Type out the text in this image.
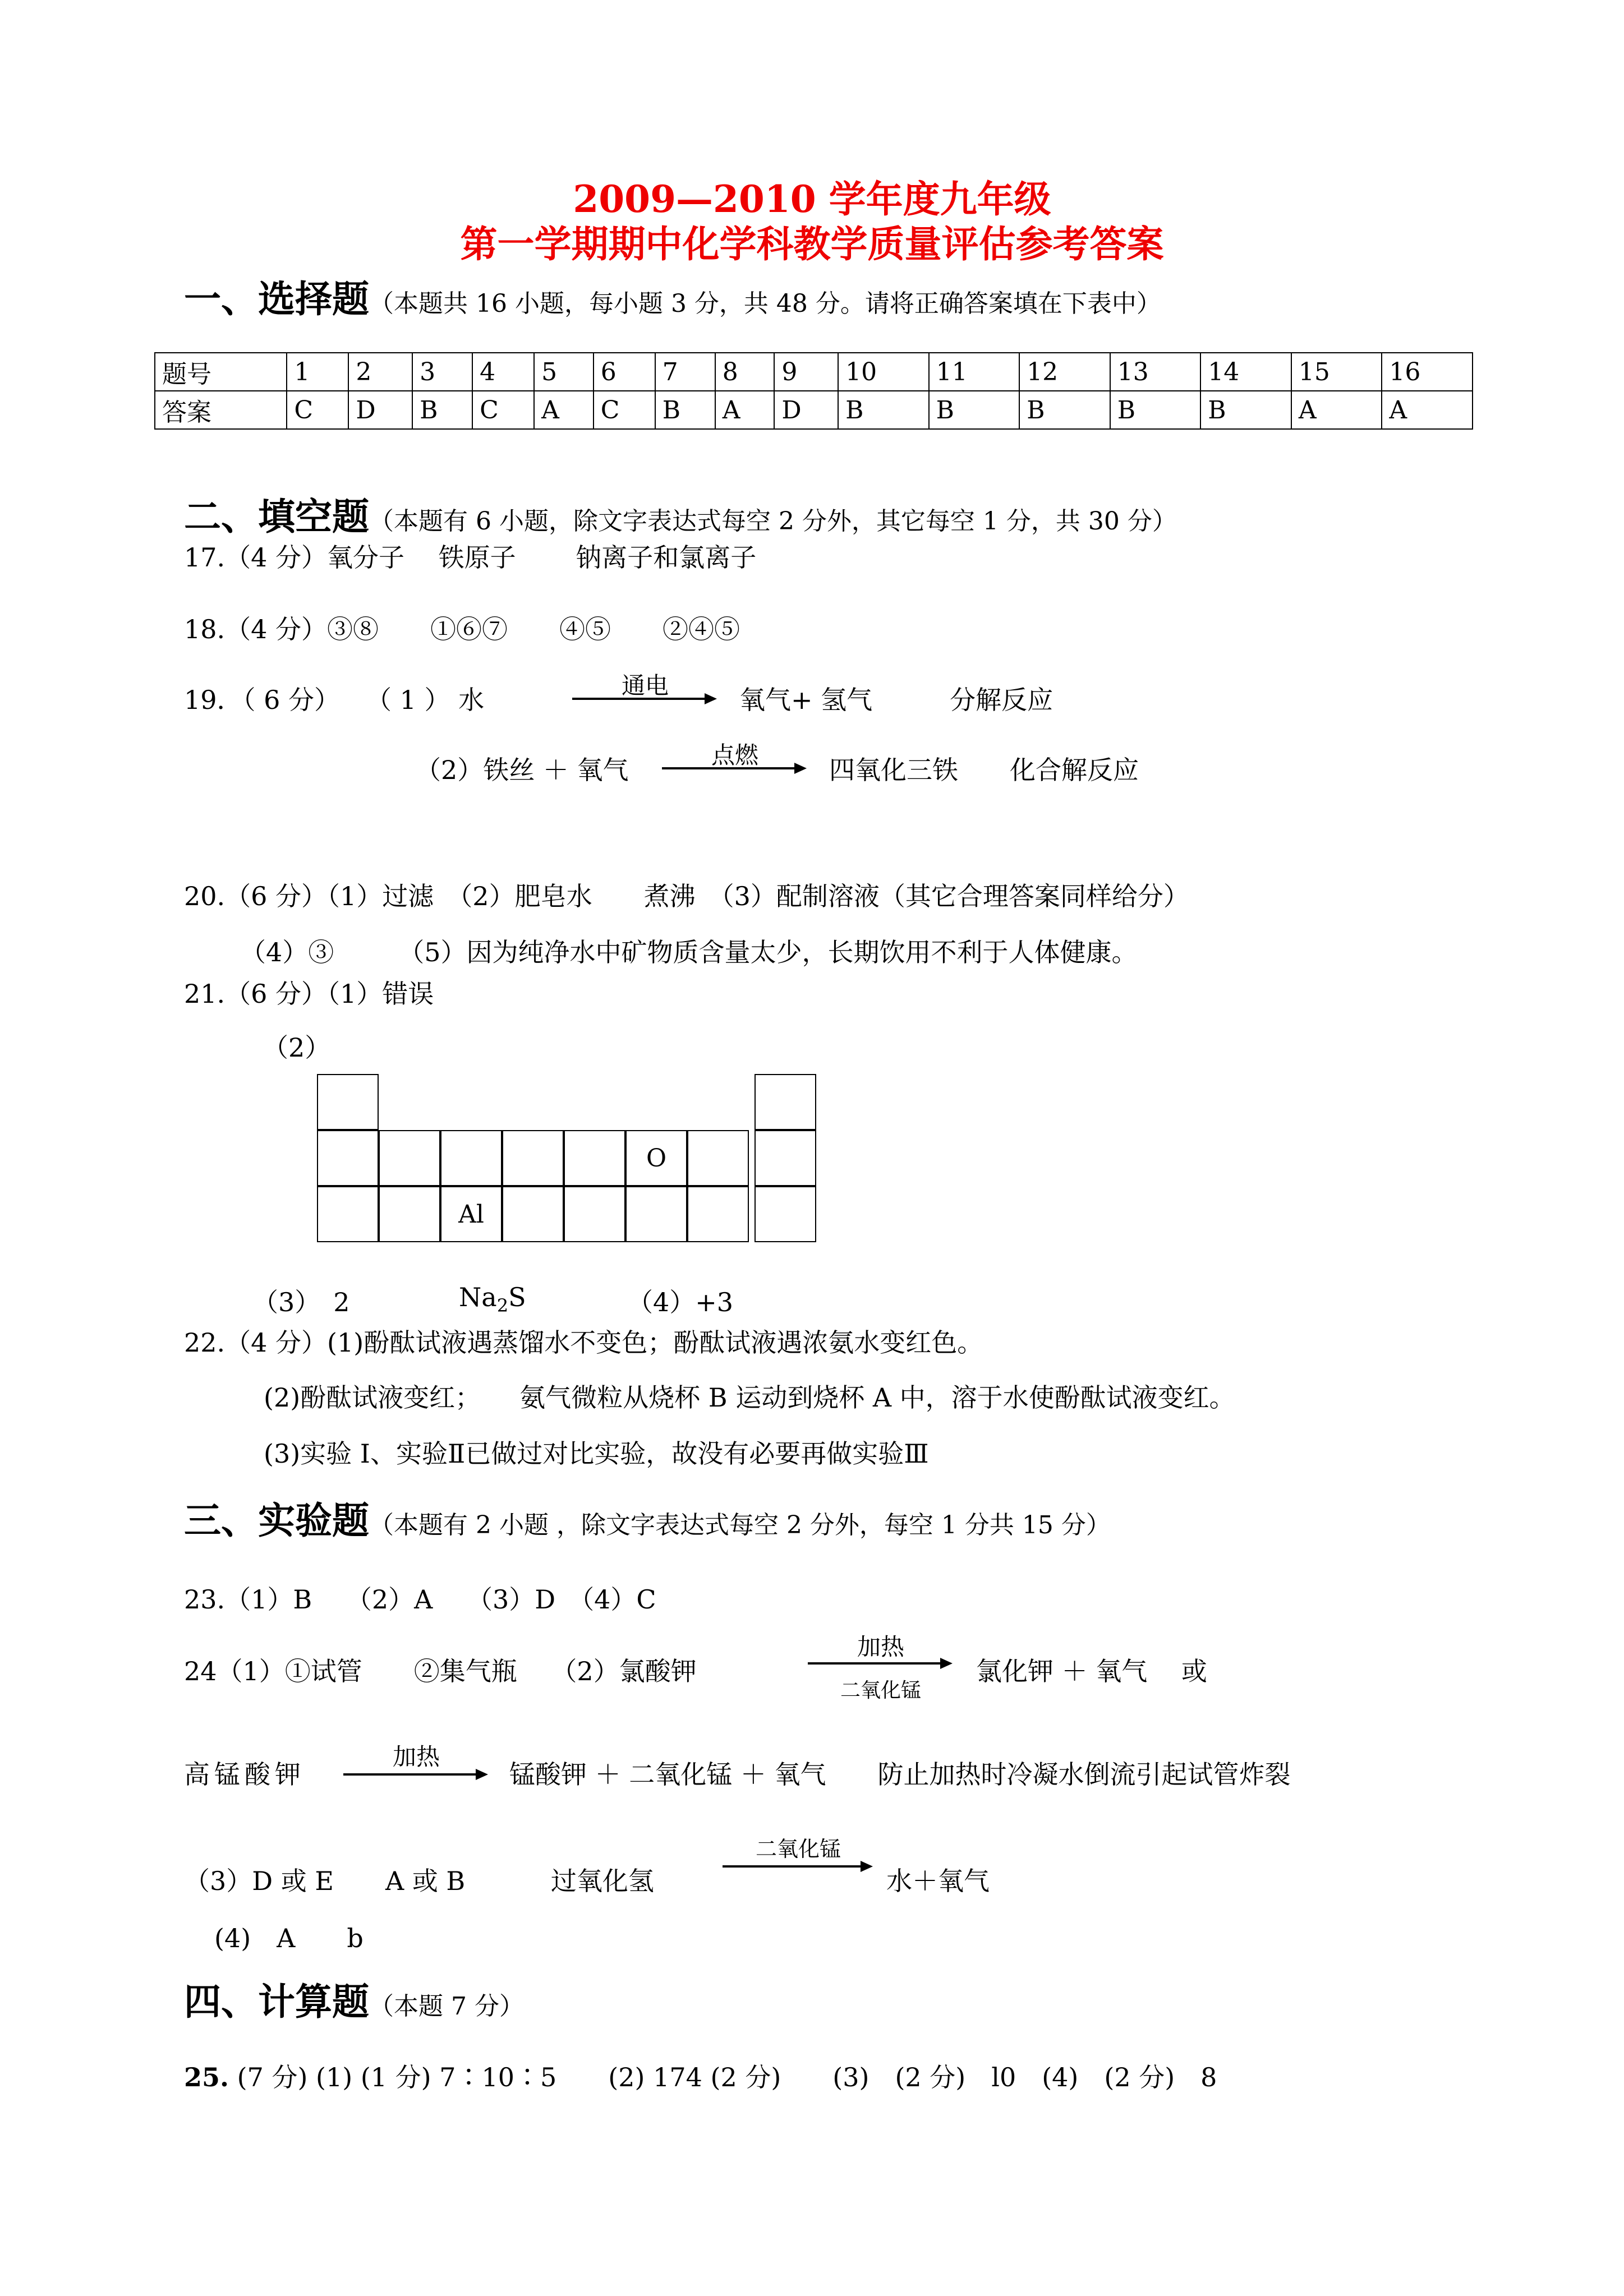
2009—2010 学年度九年级
第一学期期中化学科教学质量评估参考答案
一、选择题（本题共 16 小题，每小题 3 分，共 48 分。请将正确答案填在下表中）
题号	1	2	3	4	5	6	7	8	9	10	11	12	13	14	15	16
答案	C	D	B	C	A	C	B	A	D	B	B	B	B	B	A	A
二、填空题（本题有 6 小题，除文字表达式每空 2 分外，其它每空 1 分，共 30 分）
17.（4 分）氧分子　 铁原子　　 钠离子和氯离子
18.（4 分）③⑧　　①⑥⑦　　④⑤　　②④⑤
19．（ 6 分）　　（ 1 ） 水	通电	氧气+ 氢气　　　分解反应
（2）铁丝 ＋ 氧气	点燃	四氧化三铁　　化合解反应
20.（6 分）（1）过滤　（2）肥皂水　　煮沸　（3）配制溶液（其它合理答案同样给分）
（4）③　　　（5）因为纯净水中矿物质含量太少，长期饮用不利于人体健康。
21.（6 分）（1）错误
（2）
O
Al
（3）　2	$Na_2S$	（4）+3
22.（4 分）(1)酚酞试液遇蒸馏水不变色；酚酞试液遇浓氨水变红色。
(2)酚酞试液变红；　　氨气微粒从烧杯 B 运动到烧杯 A 中，溶于水使酚酞试液变红。
(3)实验 I、实验Ⅱ已做过对比实验，故没有必要再做实验Ⅲ
三、实验题（本题有 2 小题 ，除文字表达式每空 2 分外，每空 1 分共 15 分）
23.（1）B　 （2）A　 （3）D　（4）C
24（1）①试管　　②集气瓶　 （2）氯酸钾
加热
二氧化锰
氯化钾 ＋ 氧气　 或
高锰酸钾
加热
锰酸钾 ＋ 二氧化锰 ＋ 氧气　　防止加热时冷凝水倒流引起试管炸裂
（3）D 或 E　　A 或 B　　　 过氧化氢
二氧化锰
水＋氧气
(4)　A　　b
四、计算题（本题 7 分）
25. (7 分) (1) (1 分) 7∶10∶5　　(2) 174 (2 分)　　(3)　(2 分)　l0　(4)　(2 分)　8
